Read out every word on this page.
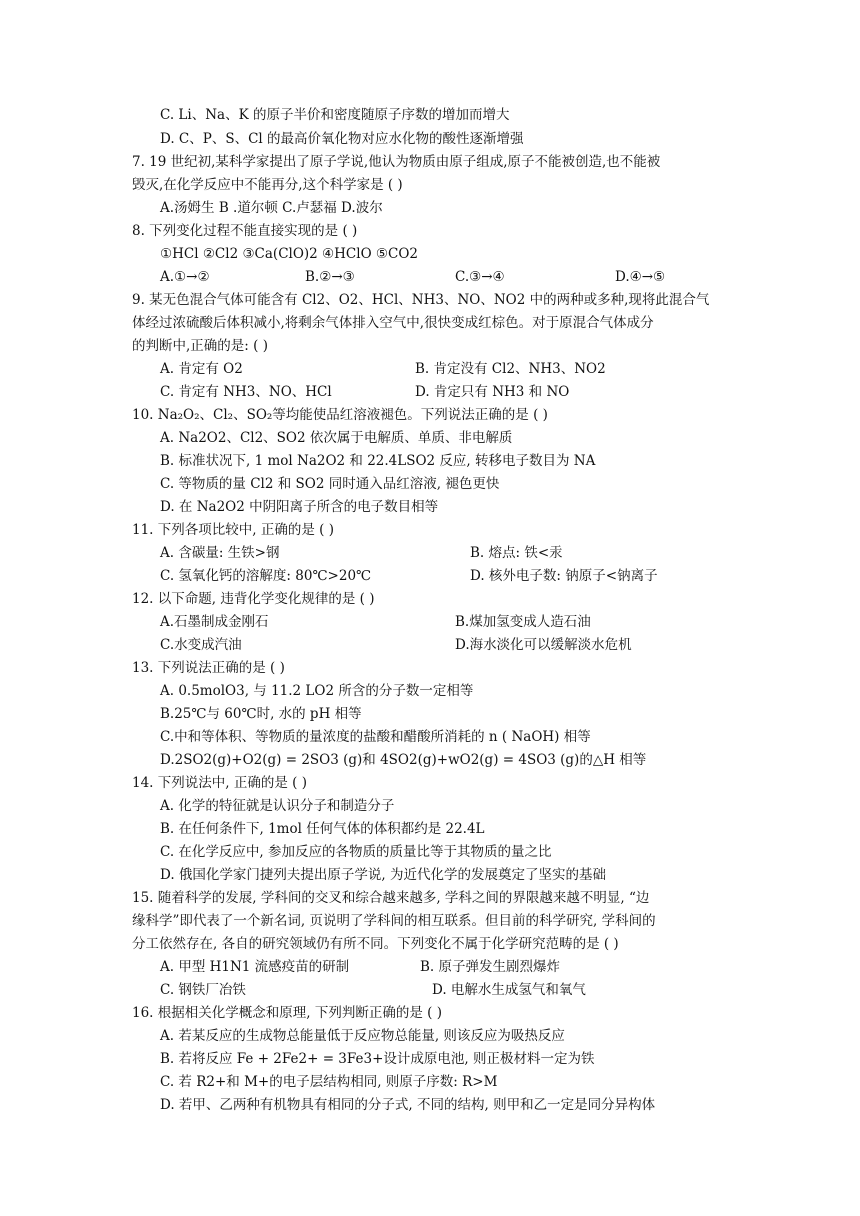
C. Li、Na、K 的原子半价和密度随原子序数的增加而增大
D. C、P、S、Cl 的最高价氧化物对应水化物的酸性逐渐增强
7. 19 世纪初,某科学家提出了原子学说,他认为物质由原子组成,原子不能被创造,也不能被
毁灭,在化学反应中不能再分,这个科学家是 ( )
A.汤姆生 B .道尔顿 C.卢瑟福 D.波尔
8. 下列变化过程不能直接实现的是 ( )
①HCl ②Cl2 ③Ca(ClO)2 ④HClO ⑤CO2
A.①→②	B.②→③	C.③→④	D.④→⑤
9. 某无色混合气体可能含有 Cl2、O2、HCl、NH3、NO、NO2 中的两种或多种,现将此混合气
体经过浓硫酸后体积减小,将剩余气体排入空气中,很快变成红棕色。对于原混合气体成分
的判断中,正确的是: ( )
A. 肯定有 O2	B. 肯定没有 Cl2、NH3、NO2
C. 肯定有 NH3、NO、HCl	D. 肯定只有 NH3 和 NO
10. Na₂O₂、Cl₂、SO₂等均能使品红溶液褪色。下列说法正确的是 ( )
A. Na2O2、Cl2、SO2 依次属于电解质、单质、非电解质
B. 标准状况下, 1 mol Na2O2 和 22.4LSO2 反应, 转移电子数目为 NA
C. 等物质的量 Cl2 和 SO2 同时通入品红溶液, 褪色更快
D. 在 Na2O2 中阴阳离子所含的电子数目相等
11. 下列各项比较中, 正确的是 ( )
A. 含碳量: 生铁>钢	B. 熔点: 铁<汞
C. 氢氧化钙的溶解度: 80℃>20℃	D. 核外电子数: 钠原子<钠离子
12. 以下命题, 违背化学变化规律的是 ( )
A.石墨制成金刚石	B.煤加氢变成人造石油
C.水变成汽油	D.海水淡化可以缓解淡水危机
13. 下列说法正确的是 ( )
A. 0.5molO3, 与 11.2 LO2 所含的分子数一定相等
B.25℃与 60℃时, 水的 pH 相等
C.中和等体积、等物质的量浓度的盐酸和醋酸所消耗的 n ( NaOH) 相等
D.2SO2(g)+O2(g) = 2SO3 (g)和 4SO2(g)+wO2(g) = 4SO3 (g)的△H 相等
14. 下列说法中, 正确的是 ( )
A. 化学的特征就是认识分子和制造分子
B. 在任何条件下, 1mol 任何气体的体积都约是 22.4L
C. 在化学反应中, 参加反应的各物质的质量比等于其物质的量之比
D. 俄国化学家门捷列夫提出原子学说, 为近代化学的发展奠定了坚实的基础
15. 随着科学的发展, 学科间的交叉和综合越来越多, 学科之间的界限越来越不明显, “边
缘科学”即代表了一个新名词, 页说明了学科间的相互联系。但目前的科学研究, 学科间的
分工依然存在, 各自的研究领域仍有所不同。下列变化不属于化学研究范畴的是 ( )
A. 甲型 H1N1 流感疫苗的研制	B. 原子弹发生剧烈爆炸
C. 钢铁厂冶铁	D. 电解水生成氢气和氧气
16. 根据相关化学概念和原理, 下列判断正确的是 ( )
A. 若某反应的生成物总能量低于反应物总能量, 则该反应为吸热反应
B. 若将反应 Fe + 2Fe2+ = 3Fe3+设计成原电池, 则正极材料一定为铁
C. 若 R2+和 M+的电子层结构相同, 则原子序数: R>M
D. 若甲、乙两种有机物具有相同的分子式, 不同的结构, 则甲和乙一定是同分异构体
